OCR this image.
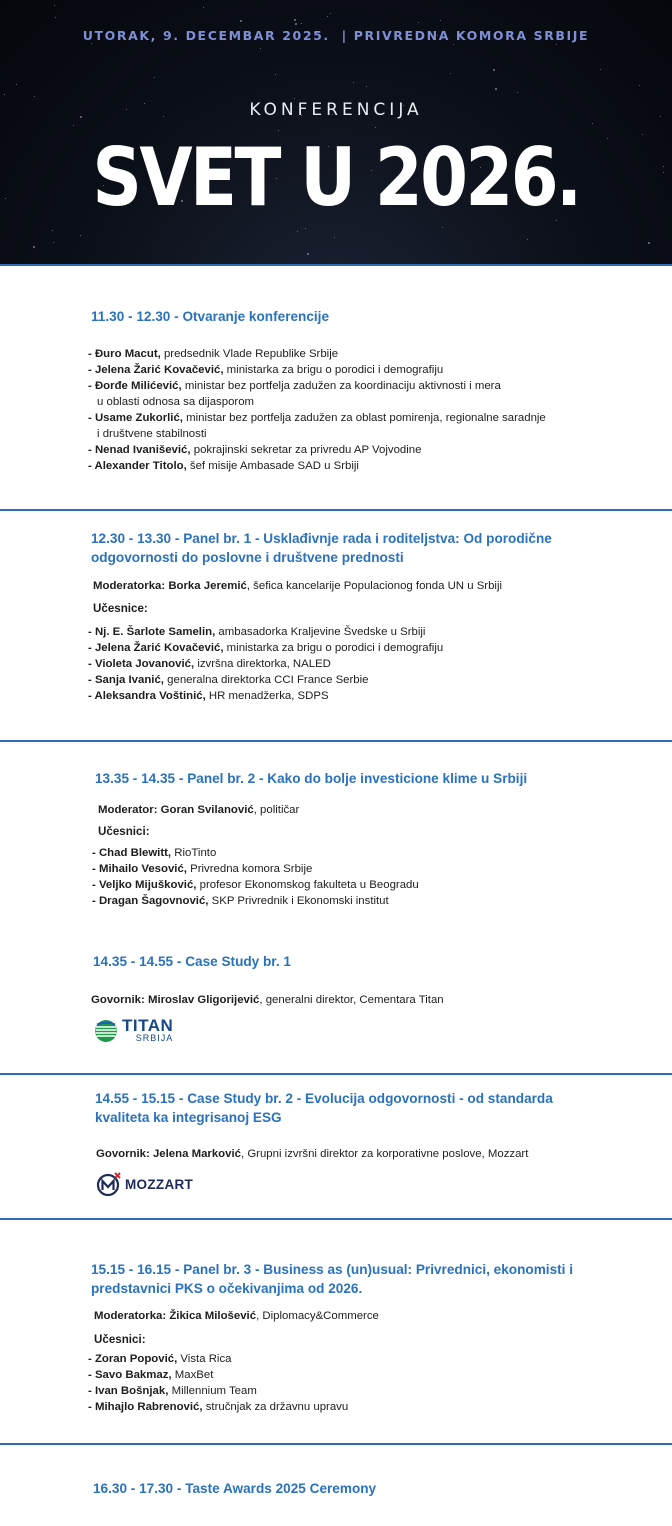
UTORAK, 9. DECEMBAR 2025.  | PRIVREDNA KOMORA SRBIJE
KONFERENCIJA
SVET U 2026.
11.30 - 12.30 - Otvaranje konferencije
- Đuro Macut, predsednik Vlade Republike Srbije
- Jelena Žarić Kovačević, ministarka za brigu o porodici i demografiju
- Đorđe Milićević, ministar bez portfelja zadužen za koordinaciju aktivnosti i mera
u oblasti odnosa sa dijasporom
- Usame Zukorlić, ministar bez portfelja zadužen za oblast pomirenja, regionalne saradnje
i društvene stabilnosti
- Nenad Ivanišević, pokrajinski sekretar za privredu AP Vojvodine
- Alexander Titolo, šef misije Ambasade SAD u Srbiji
12.30 - 13.30 - Panel br. 1 - Usklađivnje rada i roditeljstva: Od porodične
odgovornosti do poslovne i društvene prednosti
Moderatorka: Borka Jeremić, šefica kancelarije Populacionog fonda UN u Srbiji
Učesnice:
- Nj. E. Šarlote Samelin, ambasadorka Kraljevine Švedske u Srbiji
- Jelena Žarić Kovačević, ministarka za brigu o porodici i demografiju
- Violeta Jovanović, izvršna direktorka, NALED
- Sanja Ivanić, generalna direktorka CCI France Serbie
- Aleksandra Voštinić, HR menadžerka, SDPS
13.35 - 14.35 - Panel br. 2 - Kako do bolje investicione klime u Srbiji
Moderator: Goran Svilanović, političar
Učesnici:
- Chad Blewitt, RioTinto
- Mihailo Vesović, Privredna komora Srbije
- Veljko Mijušković, profesor Ekonomskog fakulteta u Beogradu
- Dragan Šagovnović, SKP Privrednik i Ekonomski institut
14.35 - 14.55 - Case Study br. 1
Govornik: Miroslav Gligorijević, generalni direktor, Cementara Titan
TITAN
SRBIJA
14.55 - 15.15 - Case Study br. 2 - Evolucija odgovornosti - od standarda
kvaliteta ka integrisanoj ESG
Govornik: Jelena Marković, Grupni izvršni direktor za korporativne poslove, Mozzart
MOZZART
15.15 - 16.15 - Panel br. 3 - Business as (un)usual: Privrednici, ekonomisti i
predstavnici PKS o očekivanjima od 2026.
Moderatorka: Žikica Milošević, Diplomacy&Commerce
Učesnici:
- Zoran Popović, Vista Rica
- Savo Bakmaz, MaxBet
- Ivan Bošnjak, Millennium Team
- Mihajlo Rabrenović, stručnjak za državnu upravu
16.30 - 17.30 - Taste Awards 2025 Ceremony
